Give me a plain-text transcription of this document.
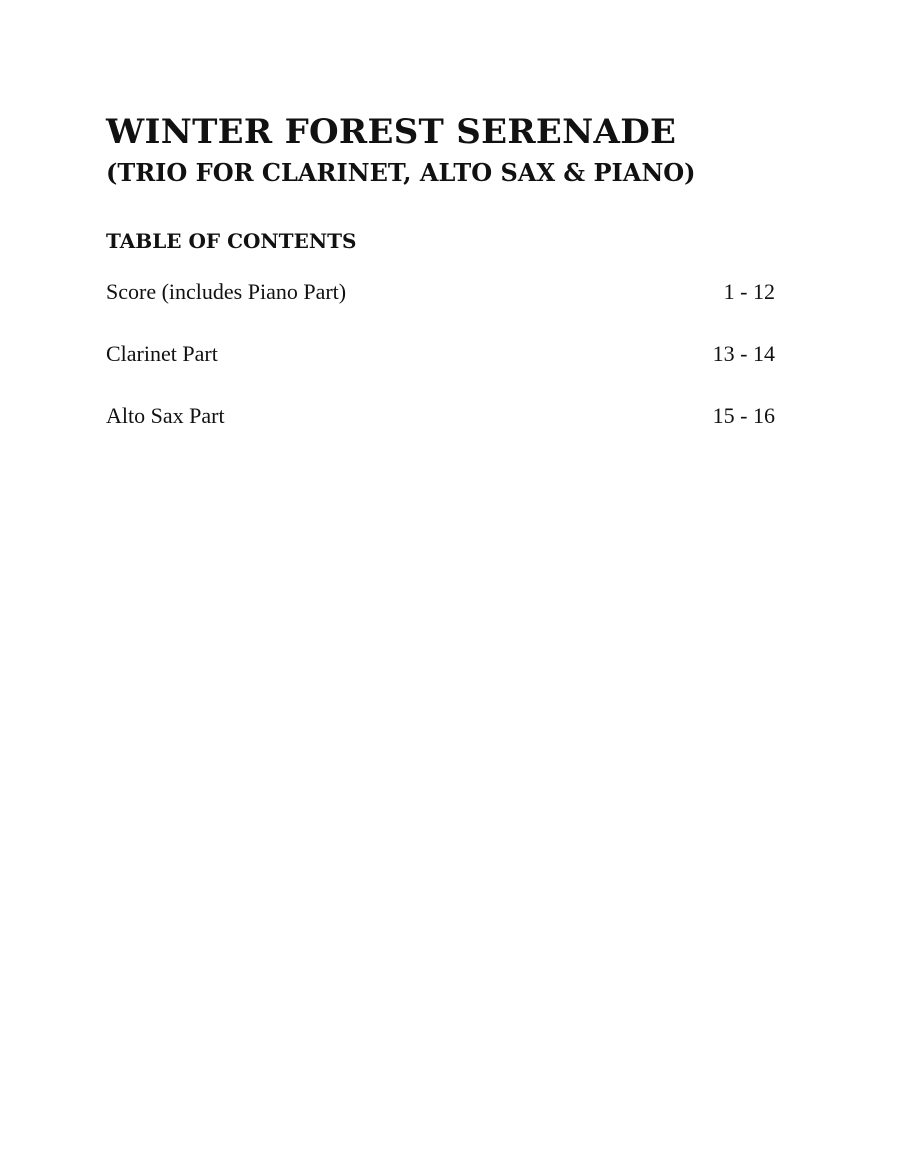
WINTER FOREST SERENADE
(TRIO FOR CLARINET, ALTO SAX & PIANO)
TABLE OF CONTENTS
Score (includes Piano Part)	1 - 12
Clarinet Part	13 - 14
Alto Sax Part	15 - 16
